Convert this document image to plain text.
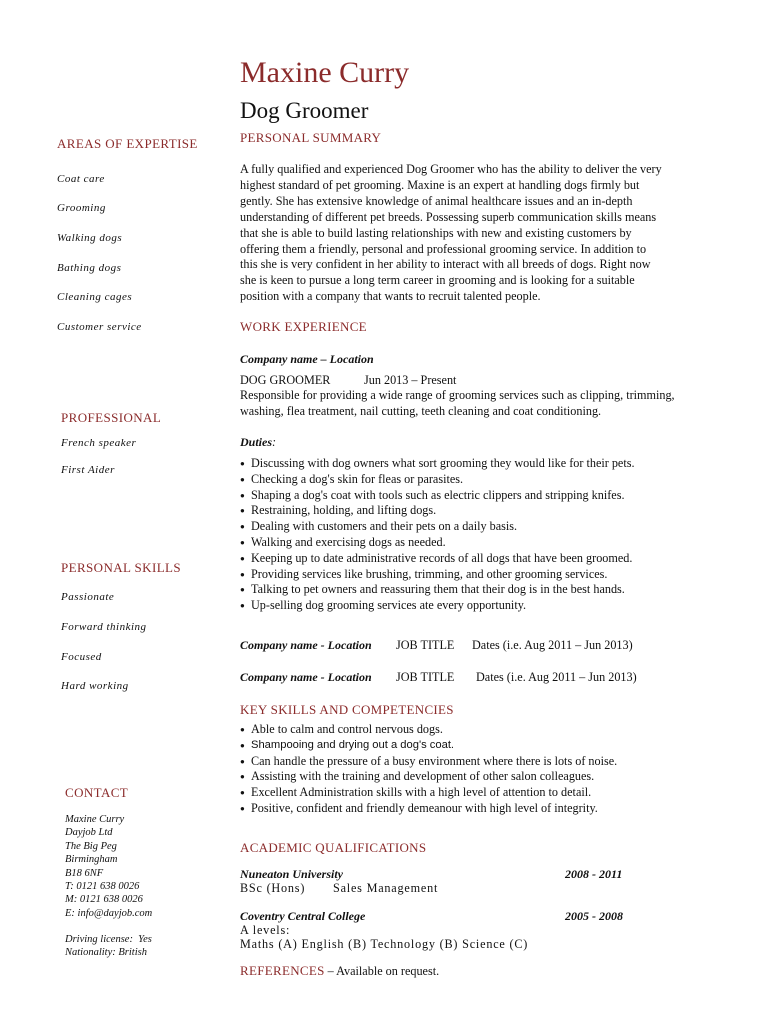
Maxine Curry
Dog Groomer
AREAS OF EXPERTISE
Coat care
Grooming
Walking dogs
Bathing dogs
Cleaning cages
Customer service
PROFESSIONAL
French speaker
First Aider
PERSONAL SKILLS
Passionate
Forward thinking
Focused
Hard working
CONTACT
Maxine Curry
Dayjob Ltd
The Big Peg
Birmingham
B18 6NF
T: 0121 638 0026
M: 0121 638 0026
E: info@dayjob.com
Driving license:  Yes
Nationality: British
PERSONAL SUMMARY
A fully qualified and experienced Dog Groomer who has the ability to deliver the very
highest standard of pet grooming. Maxine is an expert at handling dogs firmly but
gently. She has extensive knowledge of animal healthcare issues and an in-depth
understanding of different pet breeds. Possessing superb communication skills means
that she is able to build lasting relationships with new and existing customers by
offering them a friendly, personal and professional grooming service. In addition to
this she is very confident in her ability to interact with all breeds of dogs. Right now
she is keen to pursue a long term career in grooming and is looking for a suitable
position with a company that wants to recruit talented people.
WORK EXPERIENCE
Company name – Location
DOG GROOMER	Jun 2013 – Present
Responsible for providing a wide range of grooming services such as clipping, trimming,
washing, flea treatment, nail cutting, teeth cleaning and coat conditioning.
Duties:
● Discussing with dog owners what sort grooming they would like for their pets.
● Checking a dog's skin for fleas or parasites.
● Shaping a dog's coat with tools such as electric clippers and stripping knifes.
● Restraining, holding, and lifting dogs.
● Dealing with customers and their pets on a daily basis.
● Walking and exercising dogs as needed.
● Keeping up to date administrative records of all dogs that have been groomed.
● Providing services like brushing, trimming, and other grooming services.
● Talking to pet owners and reassuring them that their dog is in the best hands.
● Up-selling dog grooming services ate every opportunity.
Company name - Location JOB TITLE Dates (i.e. Aug 2011 – Jun 2013)
Company name - Location JOB TITLE Dates (i.e. Aug 2011 – Jun 2013)
KEY SKILLS AND COMPETENCIES
● Able to calm and control nervous dogs.
● Shampooing and drying out a dog's coat.
● Can handle the pressure of a busy environment where there is lots of noise.
● Assisting with the training and development of other salon colleagues.
● Excellent Administration skills with a high level of attention to detail.
● Positive, confident and friendly demeanour with high level of integrity.
ACADEMIC QUALIFICATIONS
Nuneaton University	2008 - 2011
BSc (Hons) Sales Management
Coventry Central College	2005 - 2008
A levels:
Maths (A) English (B) Technology (B) Science (C)
REFERENCES – Available on request.
